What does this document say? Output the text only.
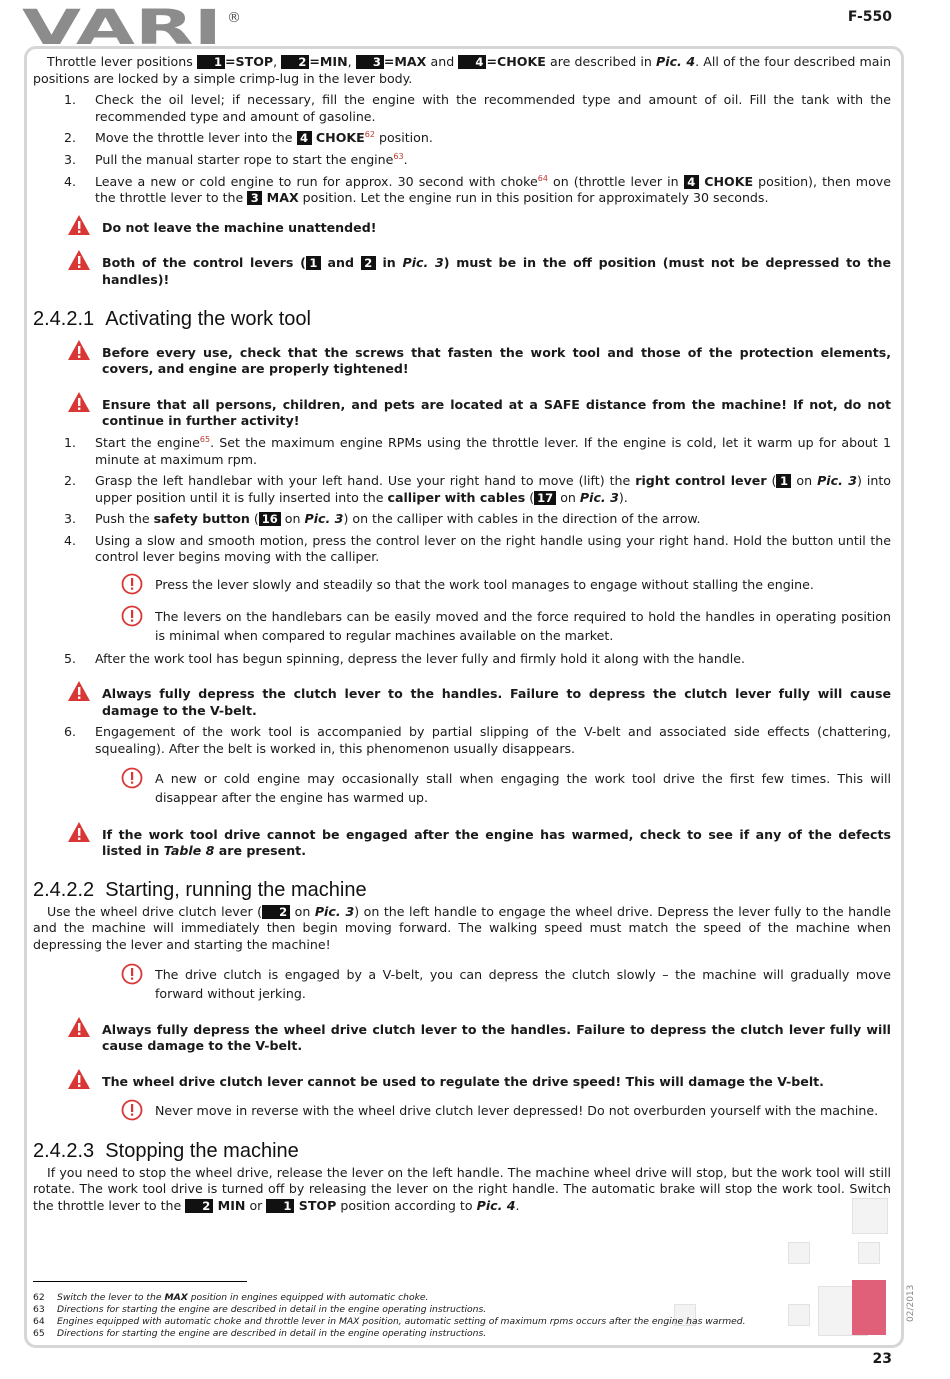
VARI ®	F-550

Throttle lever positions 1 =STOP, 2 =MIN, 3 =MAX and 4 =CHOKE are described in Pic. 4. All of the four described main positions are locked by a simple crimp-lug in the lever body.

1. Check the oil level; if necessary, fill the engine with the recommended type and amount of oil. Fill the tank with the recommended type and amount of gasoline.
2. Move the throttle lever into the 4 CHOKE$^{62}$ position.
3. Pull the manual starter rope to start the engine$^{63}$.
4. Leave a new or cold engine to run for approx. 30 second with choke$^{64}$ on (throttle lever in 4 CHOKE position), then move the throttle lever to the 3 MAX position. Let the engine run in this position for approximately 30 seconds.
Do not leave the machine unattended!
Both of the control levers ( 1 and 2 in Pic. 3) must be in the off position (must not be depressed to the handles)!
2.4.2.1 Activating the work tool
Before every use, check that the screws that fasten the work tool and those of the protection elements, covers, and engine are properly tightened!
Ensure that all persons, children, and pets are located at a SAFE distance from the machine! If not, do not continue in further activity!
1. Start the engine$^{65}$. Set the maximum engine RPMs using the throttle lever. If the engine is cold, let it warm up for about 1 minute at maximum rpm.
2. Grasp the left handlebar with your left hand. Use your right hand to move (lift) the right control lever ( 1 on Pic. 3) into upper position until it is fully inserted into the calliper with cables ( 17 on Pic. 3).
3. Push the safety button ( 16 on Pic. 3) on the calliper with cables in the direction of the arrow.
4. Using a slow and smooth motion, press the control lever on the right handle using your right hand. Hold the button until the control lever begins moving with the calliper.
Press the lever slowly and steadily so that the work tool manages to engage without stalling the engine.
The levers on the handlebars can be easily moved and the force required to hold the handles in operating position is minimal when compared to regular machines available on the market.
5. After the work tool has begun spinning, depress the lever fully and firmly hold it along with the handle.
Always fully depress the clutch lever to the handles. Failure to depress the clutch lever fully will cause damage to the V-belt.
6. Engagement of the work tool is accompanied by partial slipping of the V-belt and associated side effects (chattering, squealing). After the belt is worked in, this phenomenon usually disappears.
A new or cold engine may occasionally stall when engaging the work tool drive the first few times. This will disappear after the engine has warmed up.
If the work tool drive cannot be engaged after the engine has warmed, check to see if any of the defects listed in Table 8 are present.
2.4.2.2 Starting, running the machine

Use the wheel drive clutch lever ( 2 on Pic. 3) on the left handle to engage the wheel drive. Depress the lever fully to the handle and the machine will immediately then begin moving forward. The walking speed must match the speed of the machine when depressing the lever and starting the machine!

The drive clutch is engaged by a V-belt, you can depress the clutch slowly – the machine will gradually move forward without jerking.
Always fully depress the wheel drive clutch lever to the handles. Failure to depress the clutch lever fully will cause damage to the V-belt.
The wheel drive clutch lever cannot be used to regulate the drive speed! This will damage the V-belt.
Never move in reverse with the wheel drive clutch lever depressed! Do not overburden yourself with the machine.
2.4.2.3 Stopping the machine

If you need to stop the wheel drive, release the lever on the left handle. The machine wheel drive will stop, but the work tool will still rotate. The work tool drive is turned off by releasing the lever on the right handle. The automatic brake will stop the work tool. Switch the throttle lever to the 2 MIN or 1 STOP position according to Pic. 4.

62	Switch the lever to the MAX position in engines equipped with automatic choke.
63	Directions for starting the engine are described in detail in the engine operating instructions.
64	Engines equipped with automatic choke and throttle lever in MAX position, automatic setting of maximum rpms occurs after the engine has warmed.
65	Directions for starting the engine are described in detail in the engine operating instructions.
02/2013
23
